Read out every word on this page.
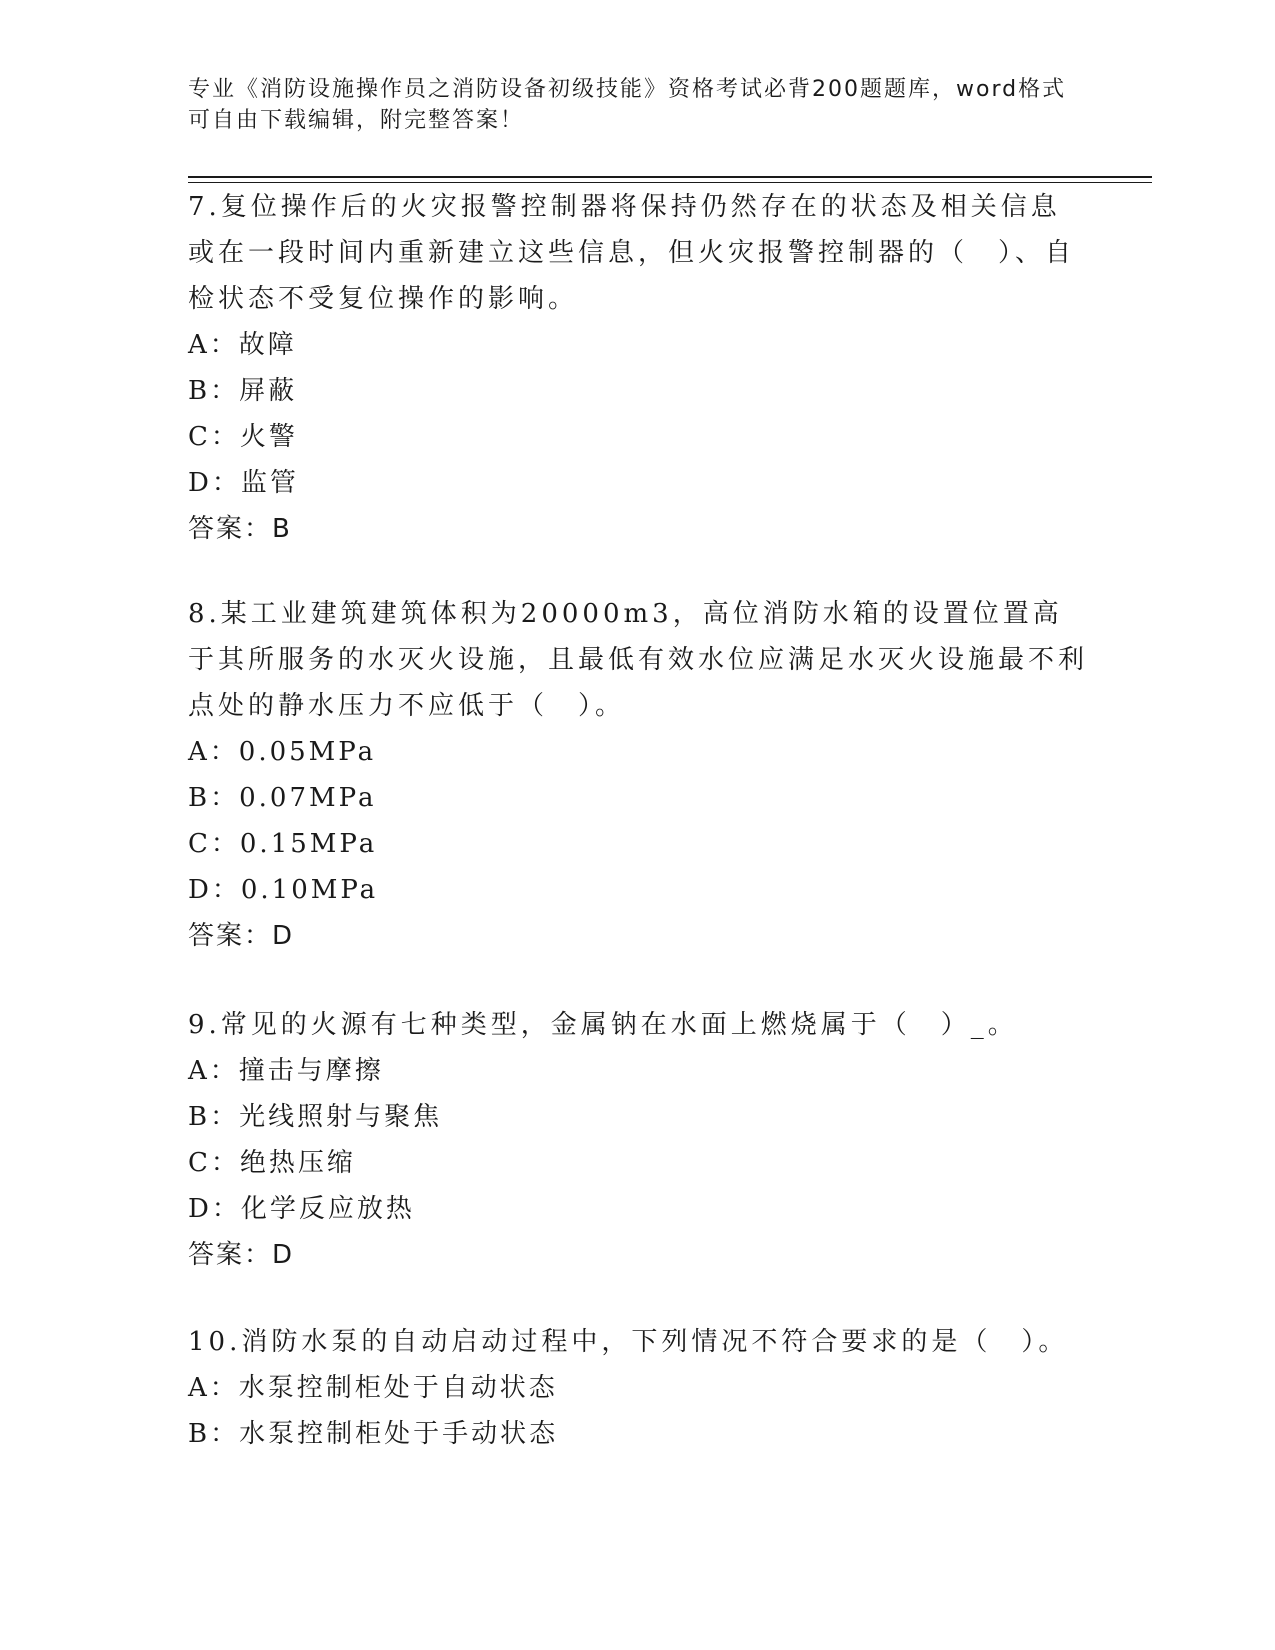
专业《消防设施操作员之消防设备初级技能》资格考试必背200题题库，word格式可自由下载编辑，附完整答案！

7.复位操作后的火灾报警控制器将保持仍然存在的状态及相关信息或在一段时间内重新建立这些信息，但火灾报警控制器的（　）、自检状态不受复位操作的影响。

A：故障

B：屏蔽

C：火警

D：监管

答案：B

8.某工业建筑建筑体积为20000m3，高位消防水箱的设置位置高于其所服务的水灭火设施，且最低有效水位应满足水灭火设施最不利点处的静水压力不应低于（　）。

A：0.05MPa

B：0.07MPa

C：0.15MPa

D：0.10MPa

答案：D

9.常见的火源有七种类型，金属钠在水面上燃烧属于（　）_。

A：撞击与摩擦

B：光线照射与聚焦

C：绝热压缩

D：化学反应放热

答案：D

10.消防水泵的自动启动过程中，下列情况不符合要求的是（　）。

A：水泵控制柜处于自动状态

B：水泵控制柜处于手动状态
